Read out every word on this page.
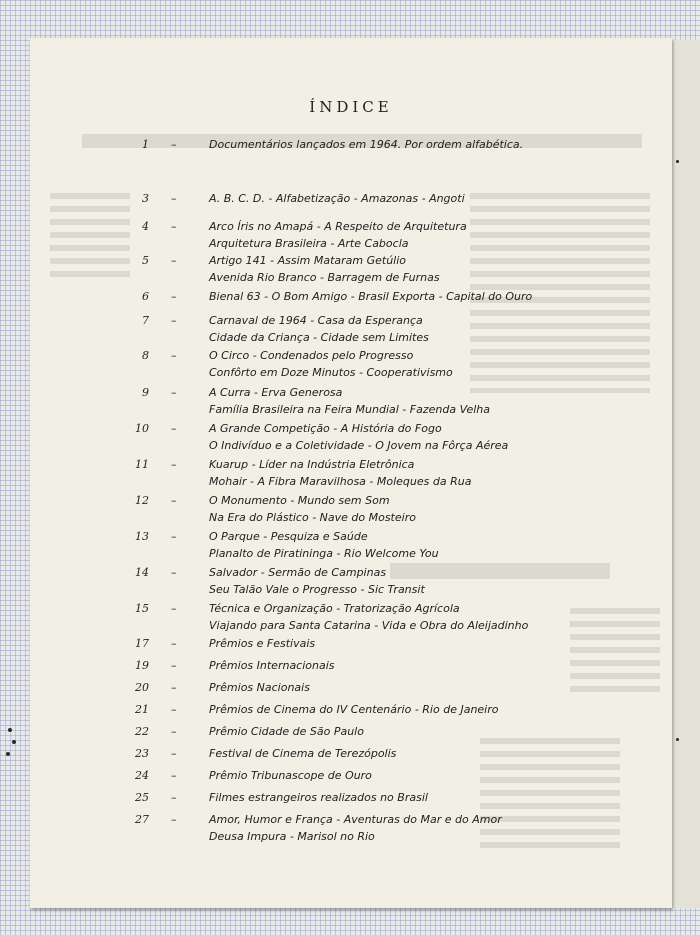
ÍNDICE
1 –	Documentários lançados em 1964. Por ordem alfabética.
3 –	A. B. C. D. - Alfabetização - Amazonas - Angoti
4 –	Arco Íris no Amapá - A Respeito de Arquitetura
Arquitetura Brasileira - Arte Cabocla
5 –	Artigo 141 - Assim Mataram Getúlio
Avenida Rio Branco - Barragem de Furnas
6 –	Bienal 63 - O Bom Amigo - Brasil Exporta - Capital do Ouro
7 –	Carnaval de 1964 - Casa da Esperança
Cidade da Criança - Cidade sem Limites
8 –	O Circo - Condenados pelo Progresso
Confôrto em Doze Minutos - Cooperativismo
9 –	A Curra - Erva Generosa
Família Brasileira na Feira Mundial - Fazenda Velha
10 –	A Grande Competição - A História do Fogo
O Indivíduo e a Coletividade - O Jovem na Fôrça Aérea
11 –	Kuarup - Líder na Indústria Eletrônica
Mohair - A Fibra Maravilhosa - Moleques da Rua
12 –	O Monumento - Mundo sem Som
Na Era do Plástico - Nave do Mosteiro
13 –	O Parque - Pesquiza e Saúde
Planalto de Piratininga - Rio Welcome You
14 –	Salvador - Sermão de Campinas
Seu Talão Vale o Progresso - Sic Transit
15 –	Técnica e Organização - Tratorização Agrícola
Viajando para Santa Catarina - Vida e Obra do Aleijadinho
17 –	Prêmios e Festivais
19 –	Prêmios Internacionais
20 –	Prêmios Nacionais
21 –	Prêmios de Cinema do IV Centenário - Rio de Janeiro
22 –	Prêmio Cidade de São Paulo
23 –	Festival de Cinema de Terezópolis
24 –	Prêmio Tribunascope de Ouro
25 –	Filmes estrangeiros realizados no Brasil
27 –	Amor, Humor e França - Aventuras do Mar e do Amor
Deusa Impura - Marisol no Rio
